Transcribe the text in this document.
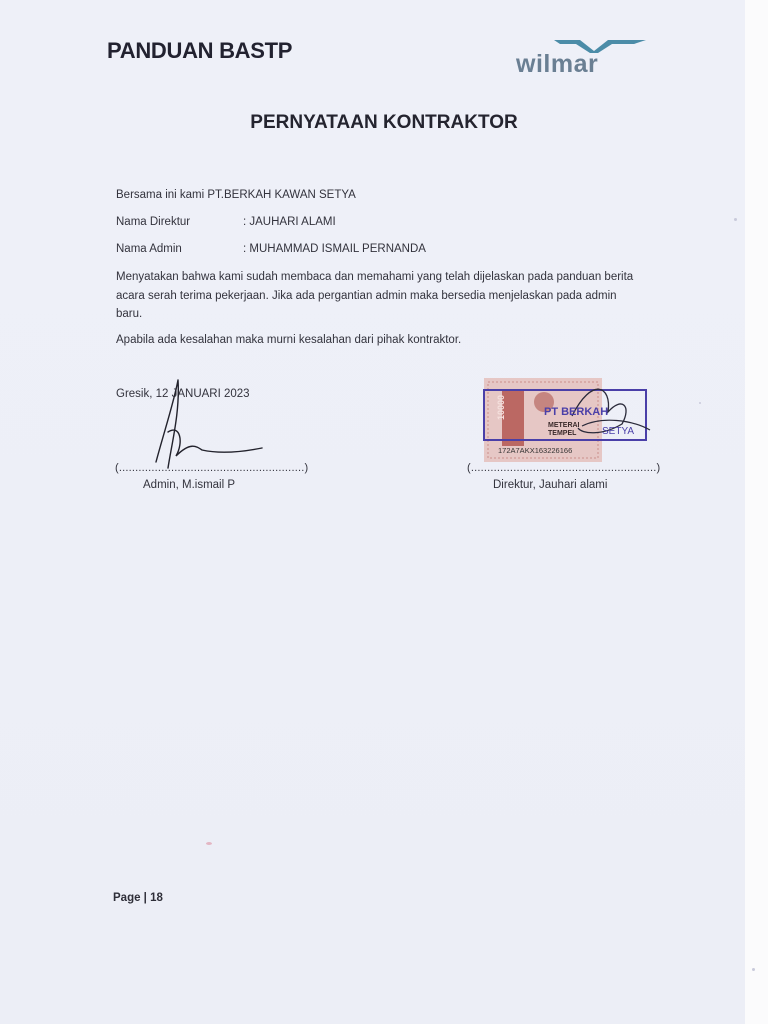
PANDUAN BASTP	wilmar
PERNYATAAN KONTRAKTOR
Bersama ini kami PT.BERKAH KAWAN SETYA
Nama Direktur	: JAUHARI ALAMI
Nama Admin	: MUHAMMAD ISMAIL PERNANDA
Menyatakan bahwa kami sudah membaca dan memahami yang telah dijelaskan pada panduan berita acara serah terima pekerjaan. Jika ada pergantian admin maka bersedia menjelaskan pada admin baru.
Apabila ada kesalahan maka murni kesalahan dari pihak kontraktor.
Gresik, 12 JANUARI 2023
(.........................................................)
Admin, M.ismail P
PT BERKAH
SETYA
METERAI TEMPEL
10000
172A7AKX163226166
(.........................................................)
Direktur, Jauhari alami
Page | 18
